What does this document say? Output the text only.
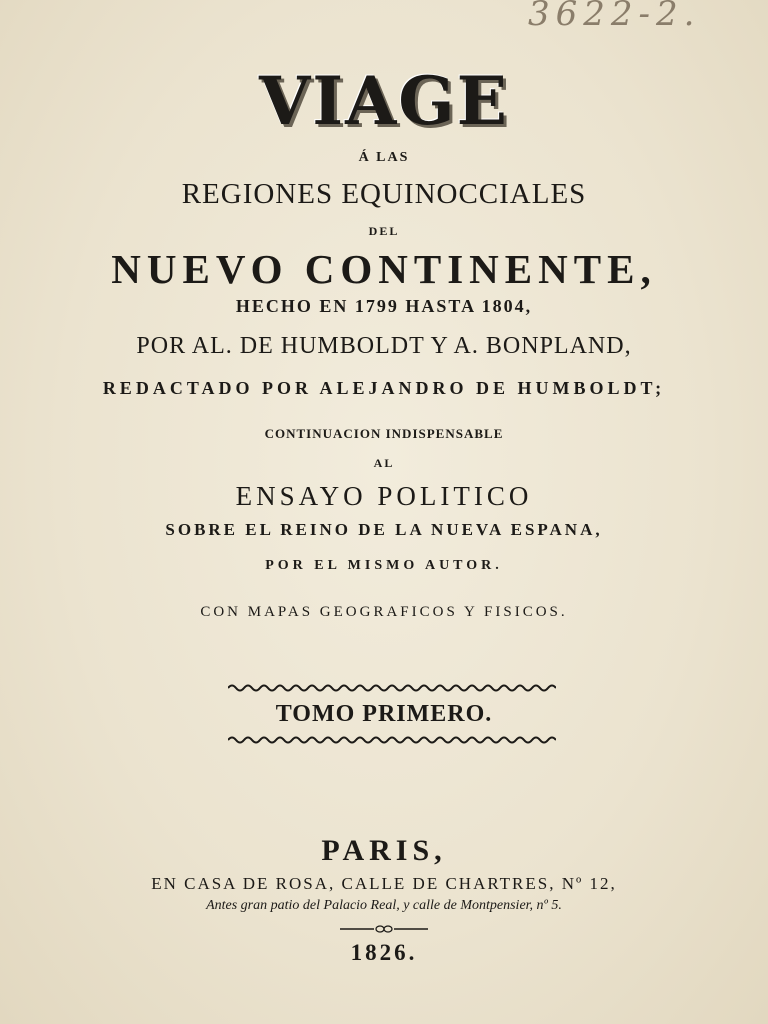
3622-2.
VIAGE
Á LAS
REGIONES EQUINOCCIALES
DEL
NUEVO CONTINENTE,
HECHO EN 1799 HASTA 1804,
POR AL. DE HUMBOLDT Y A. BONPLAND,
REDACTADO POR ALEJANDRO DE HUMBOLDT;
CONTINUACION INDISPENSABLE
AL
ENSAYO POLITICO
SOBRE EL REINO DE LA NUEVA ESPANA,
POR EL MISMO AUTOR.
CON MAPAS GEOGRAFICOS Y FISICOS.
TOMO PRIMERO.
PARIS,
EN CASA DE ROSA, CALLE DE CHARTRES, Nº 12,
Antes gran patio del Palacio Real, y calle de Montpensier, nº 5.
1826.
